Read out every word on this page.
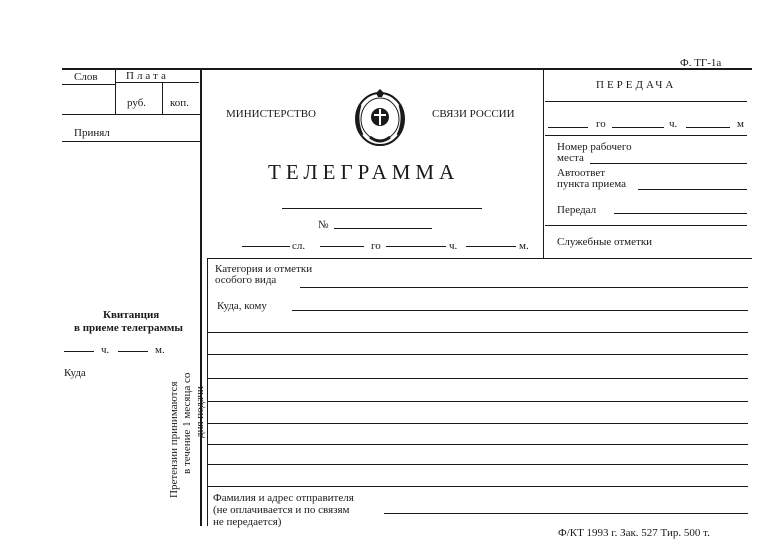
Ф. ТГ-1а
Слов	Плата
руб. коп.
Принял
Квитанция
в приеме телеграммы
ч.	м.
Куда
Претензии принимаются в течение 1 месяца со дня подачи
МИНИСТЕРСТВО	СВЯЗИ РОССИИ
ТЕЛЕГРАММА
№
сл.	го	ч.	м.
ПЕРЕДАЧА
го	ч.	м
Номер рабочего
места
Автоответ
пункта приема
Передал
Служебные отметки
Категория и отметки
особого вида
Куда, кому
Фамилия и адрес отправителя
(не оплачивается и по связям
не передается)
Ф/КТ 1993 г. Зак. 527 Тир. 500 т.
